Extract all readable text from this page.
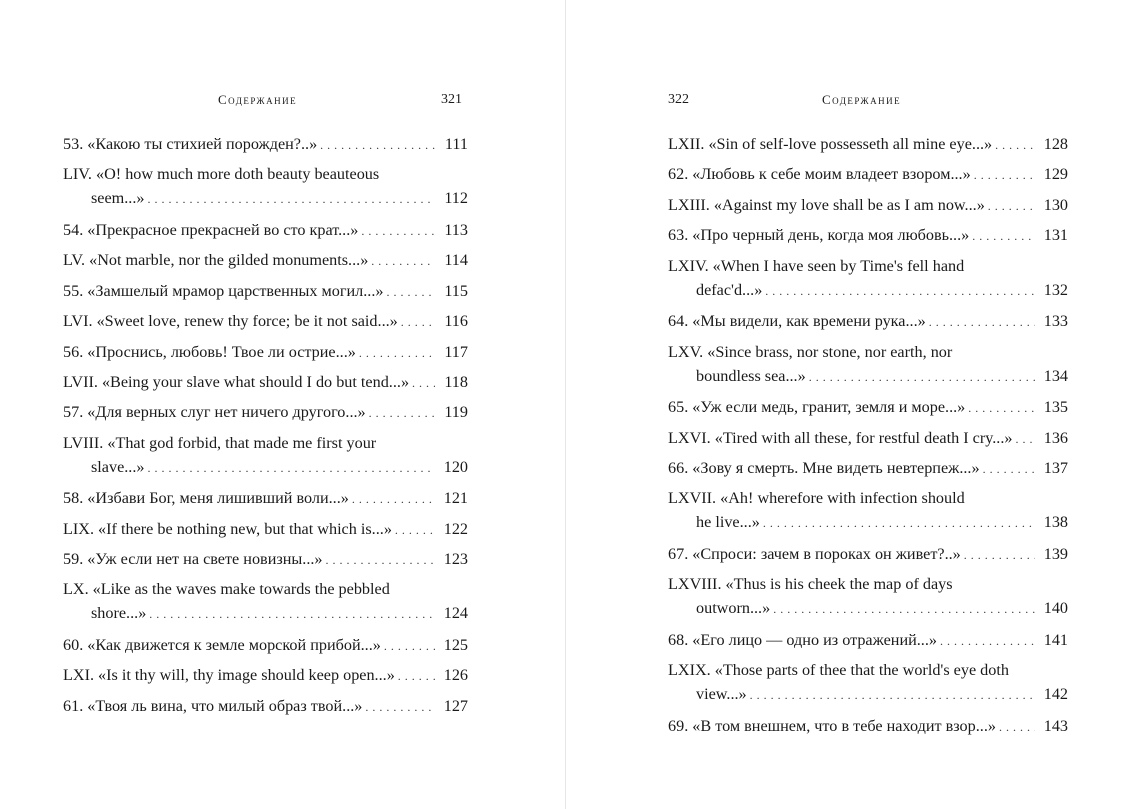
Содержание	321
53. «Какою ты стихией порожден?..» . . .	111
LIV. «O! how much more doth beauty beauteous
seem...» . . .	112
54. «Прекрасное прекрасней во сто крат...» . . .	113
LV. «Not marble, nor the gilded monuments...» . . .	114
55. «Замшелый мрамор царственных могил...» . . .	115
LVI. «Sweet love, renew thy force; be it not said...» . . .	116
56. «Проснись, любовь! Твое ли острие...» . . .	117
LVII. «Being your slave what should I do but tend...» . . .	118
57. «Для верных слуг нет ничего другого...» . . .	119
LVIII. «That god forbid, that made me first your
slave...» . . .	120
58. «Избави Бог, меня лишивший воли...» . . .	121
LIX. «If there be nothing new, but that which is...» . . .	122
59. «Уж если нет на свете новизны...» . . .	123
LX. «Like as the waves make towards the pebbled
shore...» . . .	124
60. «Как движется к земле морской прибой...» . . .	125
LXI. «Is it thy will, thy image should keep open...» . . .	126
61. «Твоя ль вина, что милый образ твой...» . . .	127
322	Содержание
LXII. «Sin of self-love possesseth all mine eye...» . . .	128
62. «Любовь к себе моим владеет взором...» . . .	129
LXIII. «Against my love shall be as I am now...» . . .	130
63. «Про черный день, когда моя любовь...» . . .	131
LXIV. «When I have seen by Time's fell hand
defac'd...» . . .	132
64. «Мы видели, как времени рука...» . . .	133
LXV. «Since brass, nor stone, nor earth, nor
boundless sea...» . . .	134
65. «Уж если медь, гранит, земля и море...» . . .	135
LXVI. «Tired with all these, for restful death I cry...» . . .	136
66. «Зову я смерть. Мне видеть невтерпеж...» . . .	137
LXVII. «Ah! wherefore with infection should
he live...» . . .	138
67. «Спроси: зачем в пороках он живет?..» . . .	139
LXVIII. «Thus is his cheek the map of days
outworn...» . . .	140
68. «Его лицо — одно из отражений...» . . .	141
LXIX. «Those parts of thee that the world's eye doth
view...» . . .	142
69. «В том внешнем, что в тебе находит взор...» . . .	143
